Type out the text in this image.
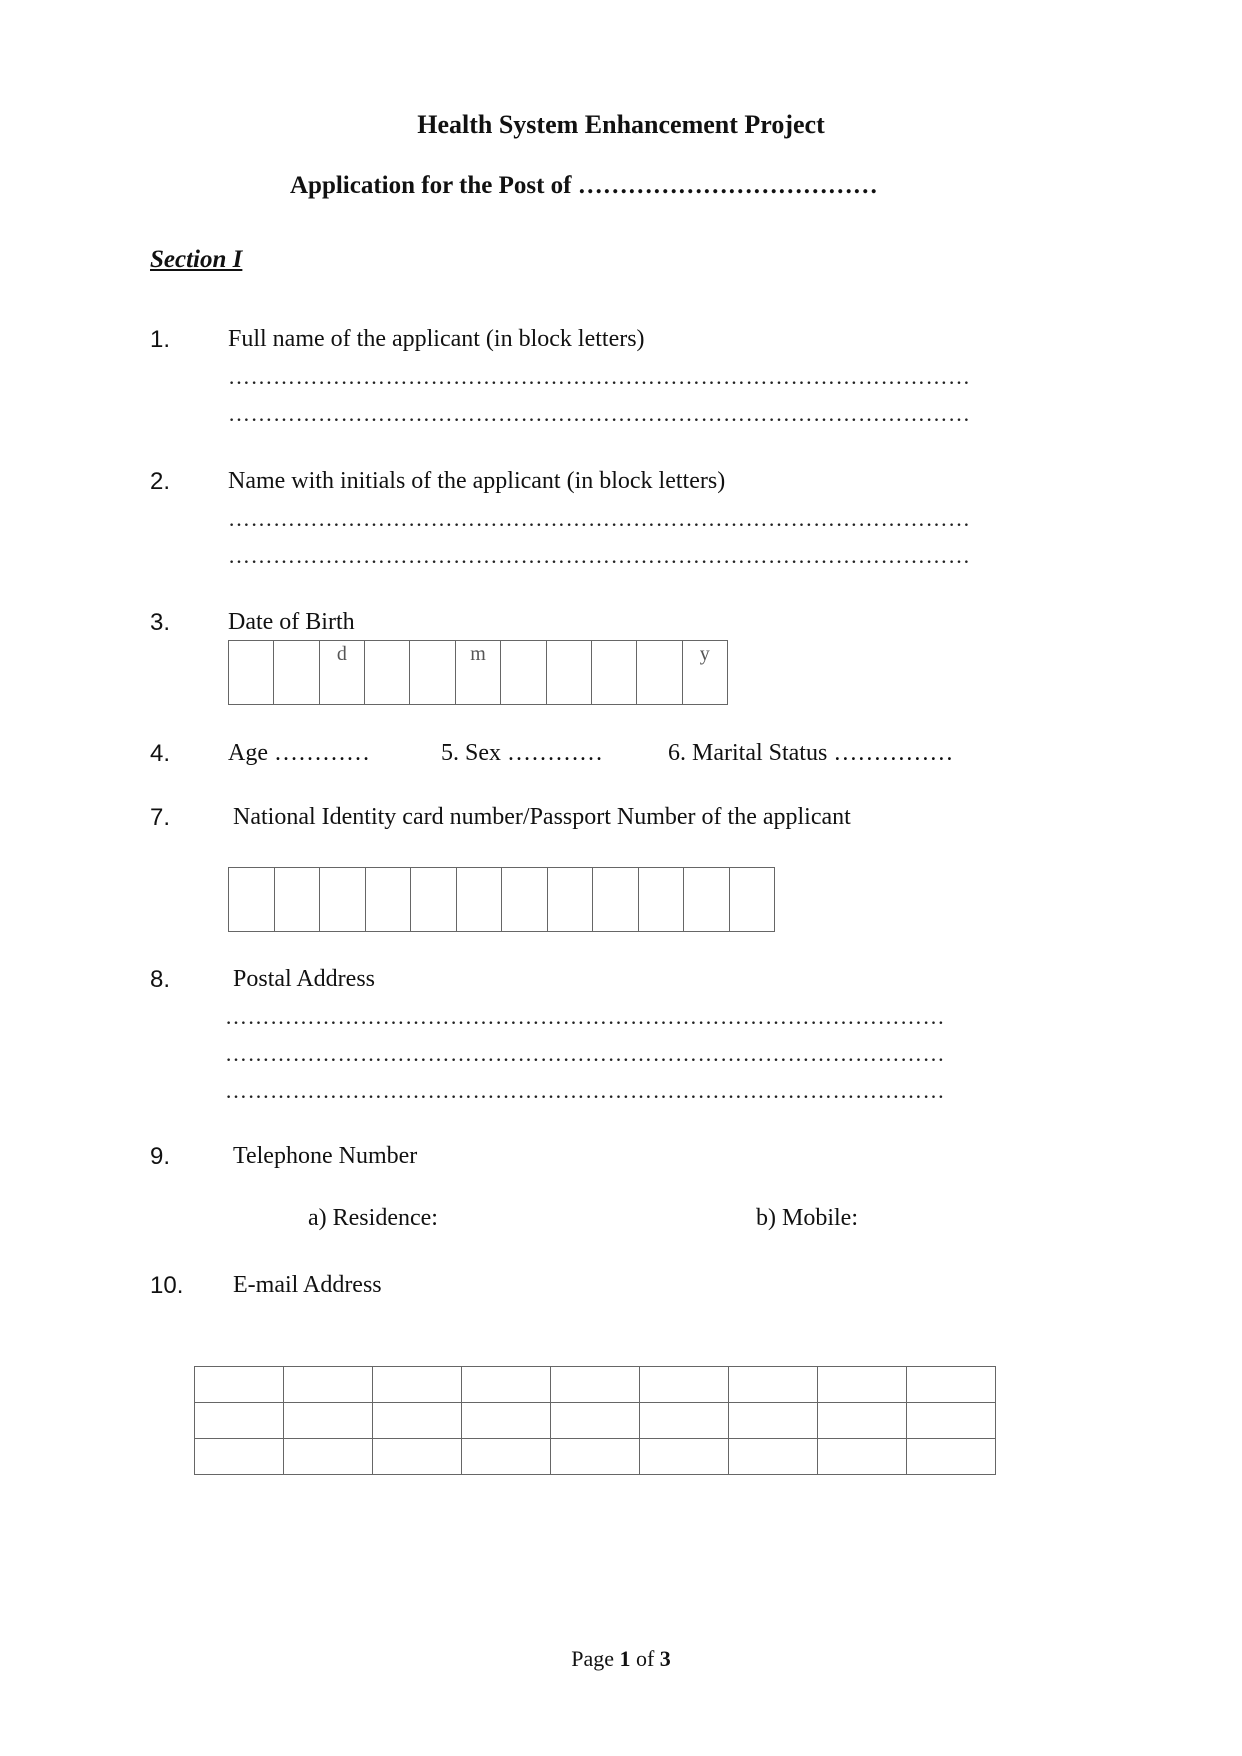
Health System Enhancement Project
Application for the Post of ………………………………
Section I
1. Full name of the applicant (in block letters)
………………………………………………………………………………………
………………………………………………………………………………………
2. Name with initials of the applicant (in block letters)
………………………………………………………………………………………
………………………………………………………………………………………
3. Date of Birth
d	m	y
4. Age …………	5. Sex …………	6. Marital Status ……………
7.	National Identity card number/Passport Number of the applicant
8.	Postal Address
……………………………………………………………………………………
……………………………………………………………………………………
……………………………………………………………………………………
9.	Telephone Number
a) Residence:	b) Mobile:
10. E-mail Address

Page 1 of 3
